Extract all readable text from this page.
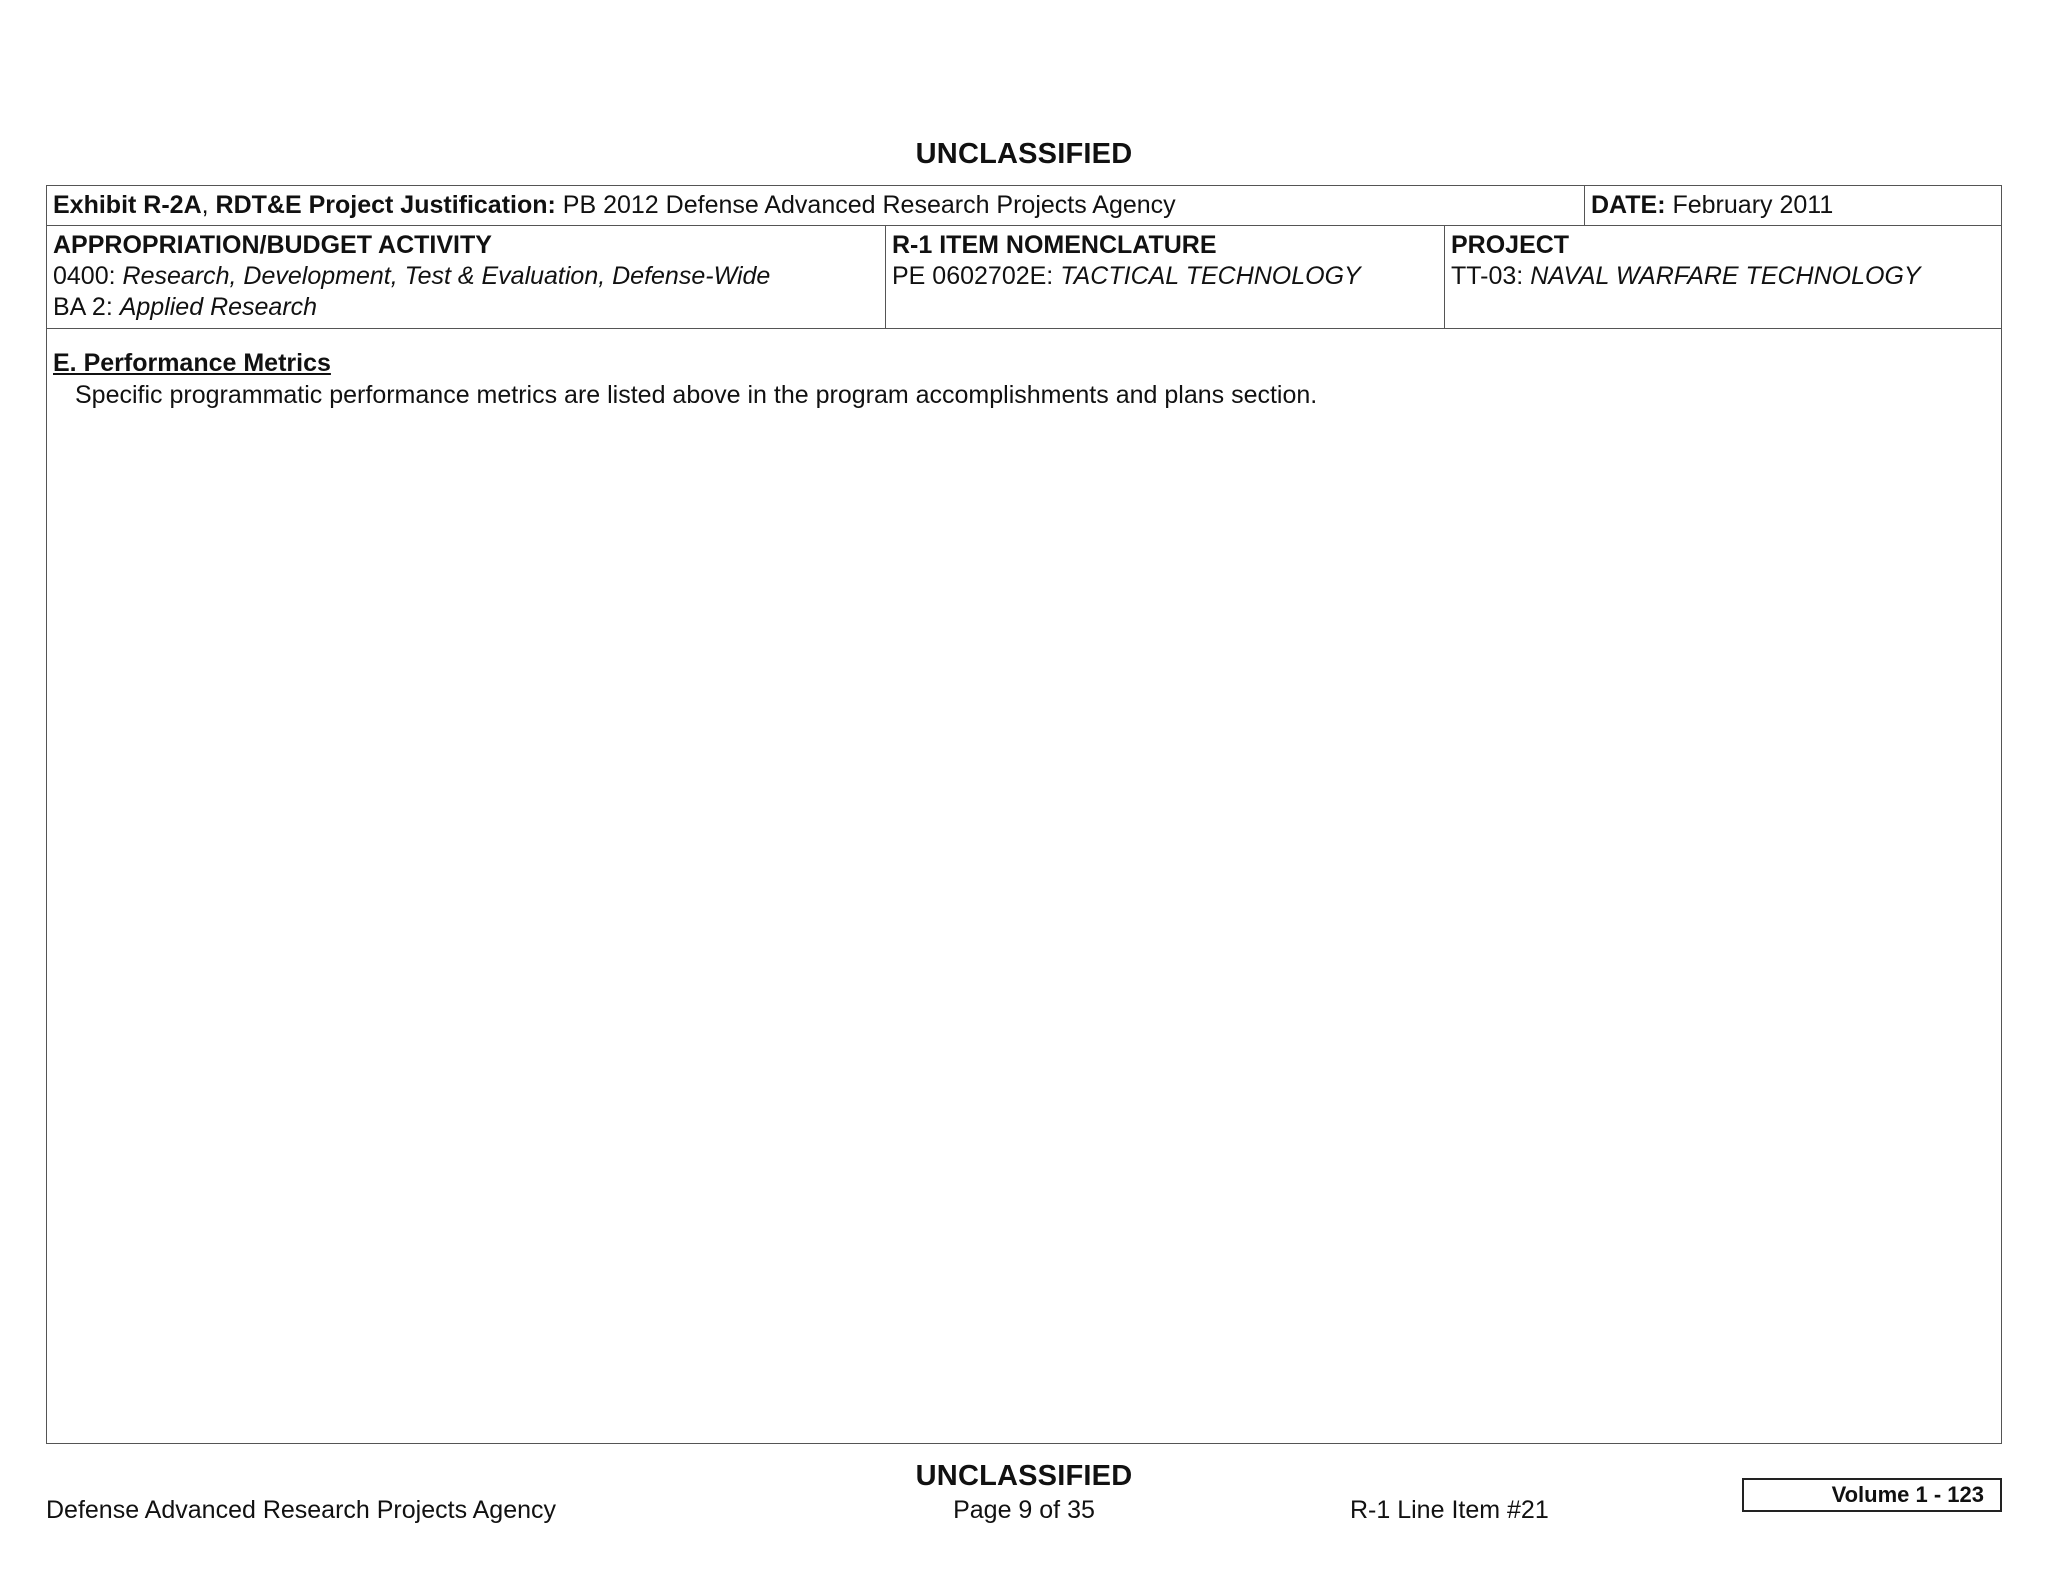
UNCLASSIFIED
Exhibit R-2A, RDT&E Project Justification: PB 2012 Defense Advanced Research Projects Agency	DATE: February 2011
APPROPRIATION/BUDGET ACTIVITY
0400: Research, Development, Test & Evaluation, Defense-Wide
BA 2: Applied Research
R-1 ITEM NOMENCLATURE
PE 0602702E: TACTICAL TECHNOLOGY
PROJECT
TT-03: NAVAL WARFARE TECHNOLOGY
E. Performance Metrics
Specific programmatic performance metrics are listed above in the program accomplishments and plans section.
UNCLASSIFIED
Defense Advanced Research Projects Agency	Page 9 of 35	R-1 Line Item #21
Volume 1 - 123
